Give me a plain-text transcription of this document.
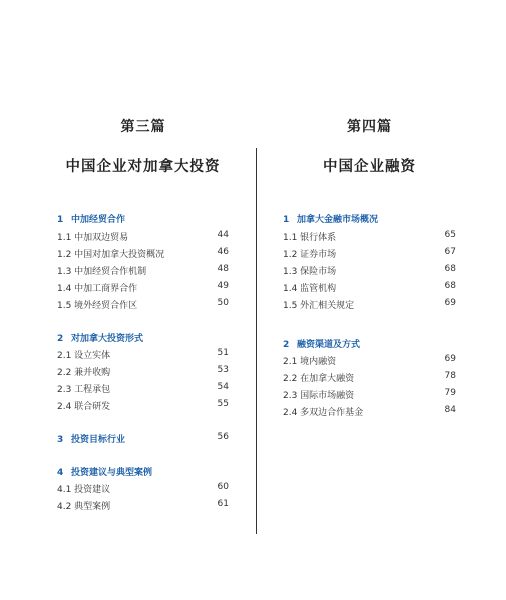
第三篇
中国企业对加拿大投资
1 中加经贸合作
1.1 中加双边贸易	44
1.2 中国对加拿大投资概况	46
1.3 中加经贸合作机制	48
1.4 中加工商界合作	49
1.5 境外经贸合作区	50
2 对加拿大投资形式
2.1 设立实体	51
2.2 兼并收购	53
2.3 工程承包	54
2.4 联合研发	55
3 投资目标行业	56
4 投资建议与典型案例
4.1 投资建议	60
4.2 典型案例	61
第四篇
中国企业融资
1 加拿大金融市场概况
1.1 银行体系	65
1.2 证券市场	67
1.3 保险市场	68
1.4 监管机构	68
1.5 外汇相关规定	69
2 融资渠道及方式
2.1 境内融资	69
2.2 在加拿大融资	78
2.3 国际市场融资	79
2.4 多双边合作基金	84
